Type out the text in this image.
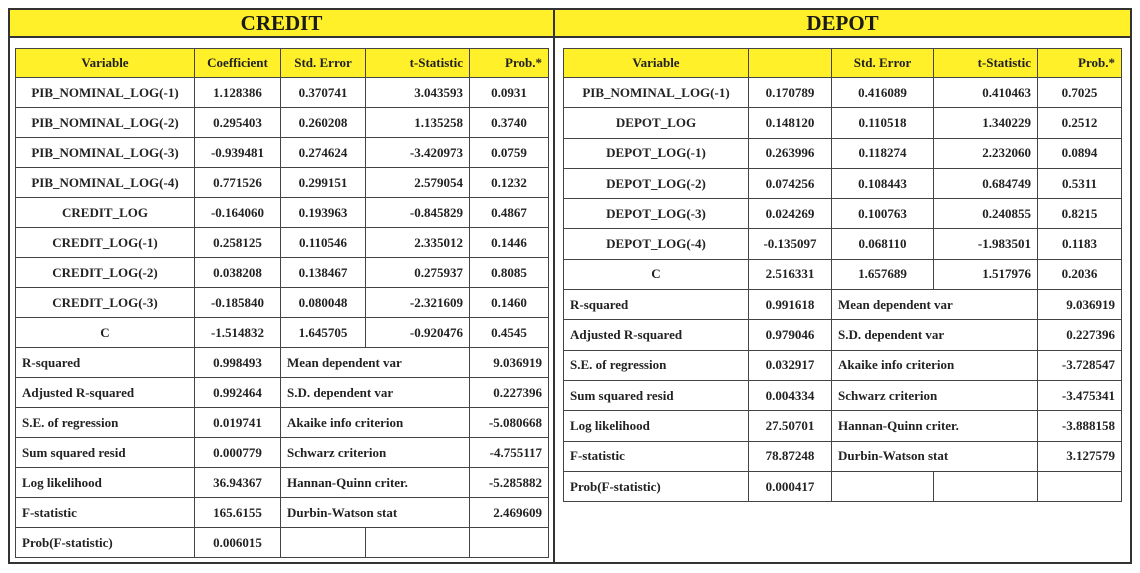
CREDIT	DEPOT
Variable	Coefficient	Std. Error	t-Statistic	Prob.*
PIB_NOMINAL_LOG(-1)	1.128386	0.370741	3.043593	0.0931
PIB_NOMINAL_LOG(-2)	0.295403	0.260208	1.135258	0.3740
PIB_NOMINAL_LOG(-3)	-0.939481	0.274624	-3.420973	0.0759
PIB_NOMINAL_LOG(-4)	0.771526	0.299151	2.579054	0.1232
CREDIT_LOG	-0.164060	0.193963	-0.845829	0.4867
CREDIT_LOG(-1)	0.258125	0.110546	2.335012	0.1446
CREDIT_LOG(-2)	0.038208	0.138467	0.275937	0.8085
CREDIT_LOG(-3)	-0.185840	0.080048	-2.321609	0.1460
C	-1.514832	1.645705	-0.920476	0.4545
R-squared	0.998493	Mean dependent var		9.036919
Adjusted R-squared	0.992464	S.D. dependent var		0.227396
S.E. of regression	0.019741	Akaike info criterion		-5.080668
Sum squared resid	0.000779	Schwarz criterion		-4.755117
Log likelihood	36.94367	Hannan-Quinn criter.		-5.285882
F-statistic	165.6155	Durbin-Watson stat		2.469609
Prob(F-statistic)	0.006015			
Variable		Std. Error	t-Statistic	Prob.*
PIB_NOMINAL_LOG(-1)	0.170789	0.416089	0.410463	0.7025
DEPOT_LOG	0.148120	0.110518	1.340229	0.2512
DEPOT_LOG(-1)	0.263996	0.118274	2.232060	0.0894
DEPOT_LOG(-2)	0.074256	0.108443	0.684749	0.5311
DEPOT_LOG(-3)	0.024269	0.100763	0.240855	0.8215
DEPOT_LOG(-4)	-0.135097	0.068110	-1.983501	0.1183
C	2.516331	1.657689	1.517976	0.2036
R-squared	0.991618	Mean dependent var		9.036919
Adjusted R-squared	0.979046	S.D. dependent var		0.227396
S.E. of regression	0.032917	Akaike info criterion		-3.728547
Sum squared resid	0.004334	Schwarz criterion		-3.475341
Log likelihood	27.50701	Hannan-Quinn criter.		-3.888158
F-statistic	78.87248	Durbin-Watson stat		3.127579
Prob(F-statistic)	0.000417			
